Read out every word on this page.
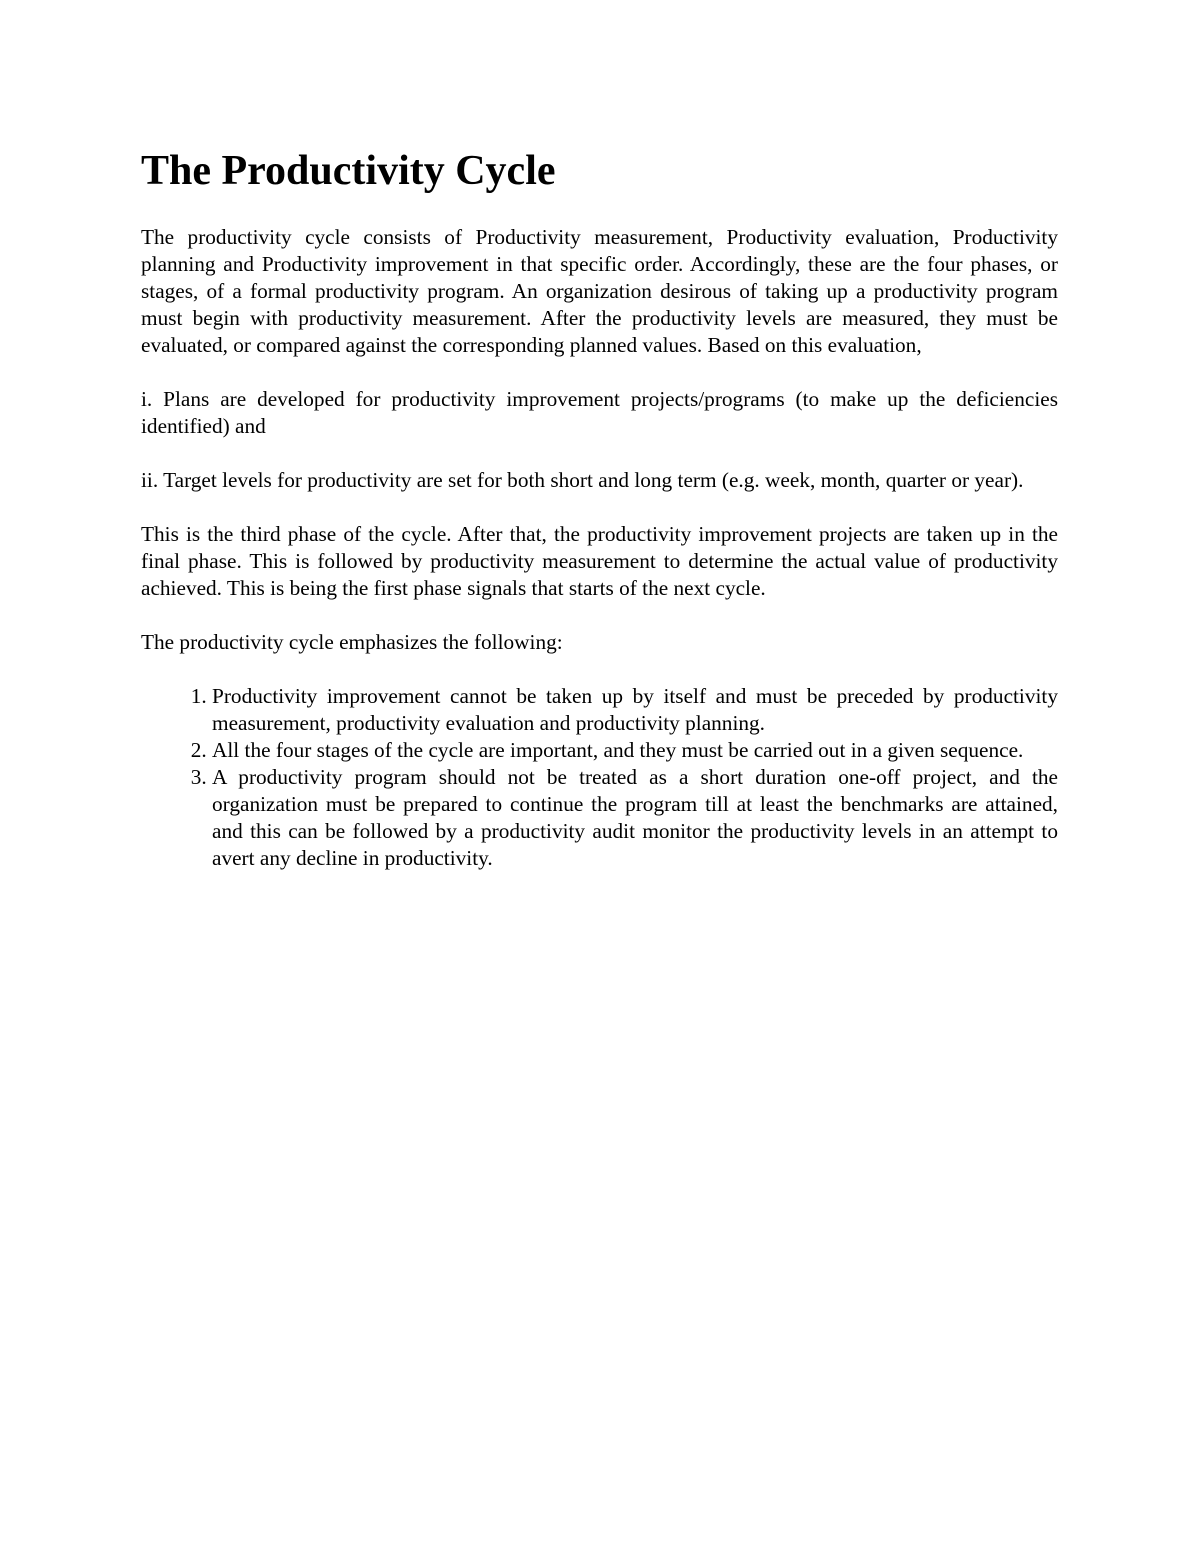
The Productivity Cycle

The productivity cycle consists of Productivity measurement, Productivity evaluation, Productivity planning and Productivity improvement in that specific order. Accordingly, these are the four phases, or stages, of a formal productivity program. An organization desirous of taking up a productivity program must begin with productivity measurement. After the productivity levels are measured, they must be evaluated, or compared against the corresponding planned values. Based on this evaluation,

i. Plans are developed for productivity improvement projects/programs (to make up the deficiencies identified) and

ii. Target levels for productivity are set for both short and long term (e.g. week, month, quarter or year).

This is the third phase of the cycle. After that, the productivity improvement projects are taken up in the final phase. This is followed by productivity measurement to determine the actual value of productivity achieved. This is being the first phase signals that starts of the next cycle.

The productivity cycle emphasizes the following:

1. Productivity improvement cannot be taken up by itself and must be preceded by productivity measurement, productivity evaluation and productivity planning.
2. All the four stages of the cycle are important, and they must be carried out in a given sequence.
3. A productivity program should not be treated as a short duration one-off project, and the organization must be prepared to continue the program till at least the benchmarks are attained, and this can be followed by a productivity audit monitor the productivity levels in an attempt to avert any decline in productivity.
